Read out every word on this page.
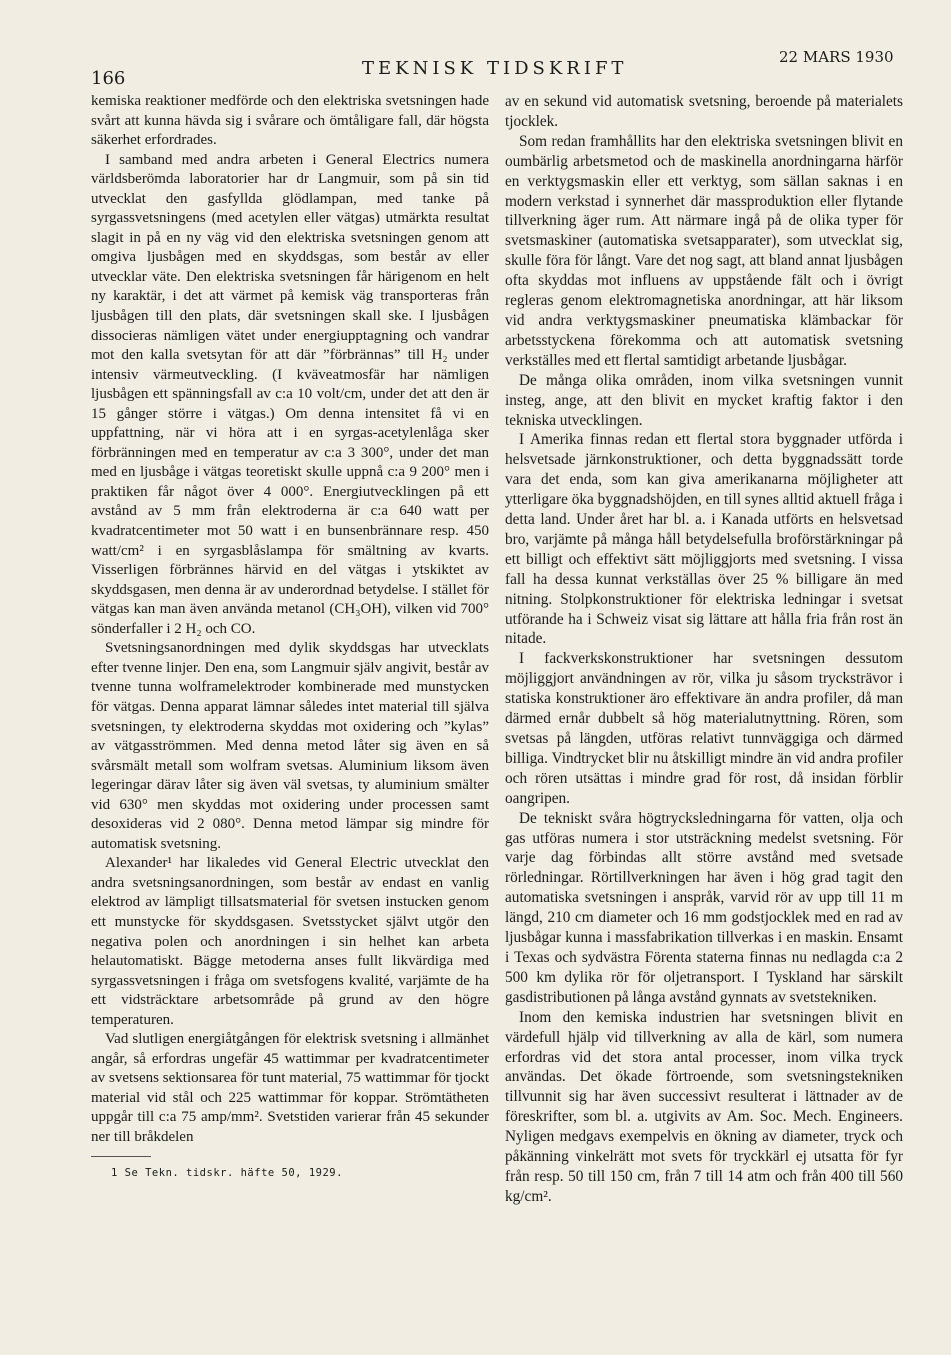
166	TEKNISK TIDSKRIFT
22 MARS 1930

kemiska reaktioner medförde och den elektriska svetsningen hade svårt att kunna hävda sig i svårare och ömtåligare fall, där högsta säkerhet erfordrades.

I samband med andra arbeten i General Electrics numera världsberömda laboratorier har dr Langmuir, som på sin tid utvecklat den gasfyllda glödlampan, med tanke på syrgassvetsningens (med acetylen eller vätgas) utmärkta resultat slagit in på en ny väg vid den elektriska svetsningen genom att omgiva ljusbågen med en skyddsgas, som består av eller utvecklar väte. Den elektriska svetsningen får härigenom en helt ny karaktär, i det att värmet på kemisk väg transporteras från ljusbågen till den plats, där svetsningen skall ske. I ljusbågen dissocieras nämligen vätet under energiupptagning och vandrar mot den kalla svetsytan för att där ”förbrännas” till H₂ under intensiv värmeutveckling. (I kväveatmosfär har nämligen ljusbågen ett spänningsfall av c:a 10 volt/cm, under det att den är 15 gånger större i vätgas.) Om denna intensitet få vi en uppfattning, när vi höra att i en syrgas-acetylenlåga sker förbränningen med en temperatur av c:a 3 300°, under det man med en ljusbåge i vätgas teoretiskt skulle uppnå c:a 9 200° men i praktiken får något över 4 000°. Energiutvecklingen på ett avstånd av 5 mm från elektroderna är c:a 640 watt per kvadratcentimeter mot 50 watt i en bunsenbrännare resp. 450 watt/cm² i en syrgasblåslampa för smältning av kvarts. Visserligen förbrännes härvid en del vätgas i ytskiktet av skyddsgasen, men denna är av underordnad betydelse. I stället för vätgas kan man även använda metanol (CH₃OH), vilken vid 700° sönderfaller i 2 H₂ och CO.

Svetsningsanordningen med dylik skyddsgas har utvecklats efter tvenne linjer. Den ena, som Langmuir själv angivit, består av tvenne tunna wolframelektroder kombinerade med munstycken för vätgas. Denna apparat lämnar således intet material till själva svetsningen, ty elektroderna skyddas mot oxidering och ”kylas” av vätgasströmmen. Med denna metod låter sig även en så svårsmält metall som wolfram svetsas. Aluminium liksom även legeringar därav låter sig även väl svetsas, ty aluminium smälter vid 630° men skyddas mot oxidering under processen samt desoxideras vid 2 080°. Denna metod lämpar sig mindre för automatisk svetsning.

Alexander¹ har likaledes vid General Electric utvecklat den andra svetsningsanordningen, som består av endast en vanlig elektrod av lämpligt tillsatsmaterial för svetsen instucken genom ett munstycke för skyddsgasen. Svetsstycket självt utgör den negativa polen och anordningen i sin helhet kan arbeta helautomatiskt. Bägge metoderna anses fullt likvärdiga med syrgassvetsningen i fråga om svetsfogens kvalité, varjämte de ha ett vidsträcktare arbetsområde på grund av den högre temperaturen.

Vad slutligen energiåtgången för elektrisk svetsning i allmänhet angår, så erfordras ungefär 45 wattimmar per kvadratcentimeter av svetsens sektionsarea för tunt material, 75 wattimmar för tjockt material vid stål och 225 wattimmar för koppar. Strömtätheten uppgår till c:a 75 amp/mm². Svetstiden varierar från 45 sekunder ner till bråkdelen

1 Se Tekn. tidskr. häfte 50, 1929.

av en sekund vid automatisk svetsning, beroende på materialets tjocklek.

Som redan framhållits har den elektriska svetsningen blivit en oumbärlig arbetsmetod och de maskinella anordningarna härför en verktygsmaskin eller ett verktyg, som sällan saknas i en modern verkstad i synnerhet där massproduktion eller flytande tillverkning äger rum. Att närmare ingå på de olika typer för svetsmaskiner (automatiska svetsapparater), som utvecklat sig, skulle föra för långt. Vare det nog sagt, att bland annat ljusbågen ofta skyddas mot influens av uppstående fält och i övrigt regleras genom elektromagnetiska anordningar, att här liksom vid andra verktygsmaskiner pneumatiska klämbackar för arbetsstyckena förekomma och att automatisk svetsning verkställes med ett flertal samtidigt arbetande ljusbågar.

De många olika områden, inom vilka svetsningen vunnit insteg, ange, att den blivit en mycket kraftig faktor i den tekniska utvecklingen.

I Amerika finnas redan ett flertal stora byggnader utförda i helsvetsade järnkonstruktioner, och detta byggnadssätt torde vara det enda, som kan giva amerikanarna möjligheter att ytterligare öka byggnadshöjden, en till synes alltid aktuell fråga i detta land. Under året har bl. a. i Kanada utförts en helsvetsad bro, varjämte på många håll betydelsefulla broförstärkningar på ett billigt och effektivt sätt möjliggjorts med svetsning. I vissa fall ha dessa kunnat verkställas över 25 % billigare än med nitning. Stolpkonstruktioner för elektriska ledningar i svetsat utförande ha i Schweiz visat sig lättare att hålla fria från rost än nitade.

I fackverkskonstruktioner har svetsningen dessutom möjliggjort användningen av rör, vilka ju såsom trycksträvor i statiska konstruktioner äro effektivare än andra profiler, då man därmed ernår dubbelt så hög materialutnyttning. Rören, som svetsas på längden, utföras relativt tunnväggiga och därmed billiga. Vindtrycket blir nu åtskilligt mindre än vid andra profiler och rören utsättas i mindre grad för rost, då insidan förblir oangripen.

De tekniskt svåra högtrycksledningarna för vatten, olja och gas utföras numera i stor utsträckning medelst svetsning. För varje dag förbindas allt större avstånd med svetsade rörledningar. Rörtillverkningen har även i hög grad tagit den automatiska svetsningen i anspråk, varvid rör av upp till 11 m längd, 210 cm diameter och 16 mm godstjocklek med en rad av ljusbågar kunna i massfabrikation tillverkas i en maskin. Ensamt i Texas och sydvästra Förenta staterna finnas nu nedlagda c:a 2 500 km dylika rör för oljetransport. I Tyskland har särskilt gasdistributionen på långa avstånd gynnats av svetstekniken.

Inom den kemiska industrien har svetsningen blivit en värdefull hjälp vid tillverkning av alla de kärl, som numera erfordras vid det stora antal processer, inom vilka tryck användas. Det ökade förtroende, som svetsningstekniken tillvunnit sig har även successivt resulterat i lättnader av de föreskrifter, som bl. a. utgivits av Am. Soc. Mech. Engineers. Nyligen medgavs exempelvis en ökning av diameter, tryck och påkänning vinkelrätt mot svets för tryckkärl ej utsatta för fyr från resp. 50 till 150 cm, från 7 till 14 atm och från 400 till 560 kg/cm².
